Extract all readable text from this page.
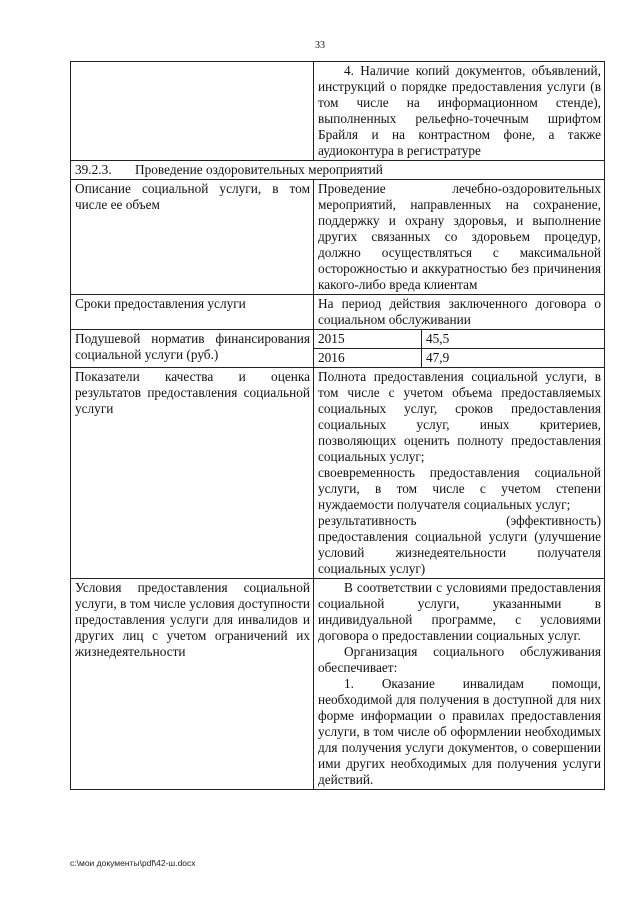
33
	4. Наличие копий документов, объявлений, инструкций о порядке предоставления услуги (в том числе на информационном стенде), выполненных рельефно-точечным шрифтом Брайля и на контрастном фоне, а также аудиоконтура в регистратуре	
39.2.3. Проведение оздоровительных мероприятий		
Описание социальной услуги, в том числе ее объем	Проведение лечебно-оздоровительных мероприятий, направленных на сохранение, поддержку и охрану здоровья, и выполнение других связанных со здоровьем процедур, должно осуществляться с максимальной осторожностью и аккуратностью без причинения какого-либо вреда клиентам	
Сроки предоставления услуги	На период действия заключенного договора о социальном обслуживании	
Подушевой норматив финансирования социальной услуги (руб.)	2015	45,5
	2016	47,9
Показатели качества и оценка результатов предоставления социальной услуги	Полнота предоставления социальной услуги, в том числе с учетом объема предоставляемых социальных услуг, сроков предоставления социальных услуг, иных критериев, позволяющих оценить полноту предоставления социальных услуг;

своевременность предоставления социальной услуги, в том числе с учетом степени нуждаемости получателя социальных услуг;

результативность (эффективность) предоставления социальной услуги (улучшение условий жизнедеятельности получателя социальных услуг)	

Условия предоставления социальной услуги, в том числе условия доступности предоставления услуги для инвалидов и других лиц с учетом ограничений их жизнедеятельности	В соответствии с условиями предоставления социальной услуги, указанными в индивидуальной программе, с условиями договора о предоставлении социальных услуг.

Организация социального обслуживания обеспечивает:

1. Оказание инвалидам помощи, необходимой для получения в доступной для них форме информации о правилах предоставления услуги, в том числе об оформлении необходимых для получения услуги документов, о совершении ими других необходимых для получения услуги действий.	

c:\мои документы\pdf\42-ш.docx
